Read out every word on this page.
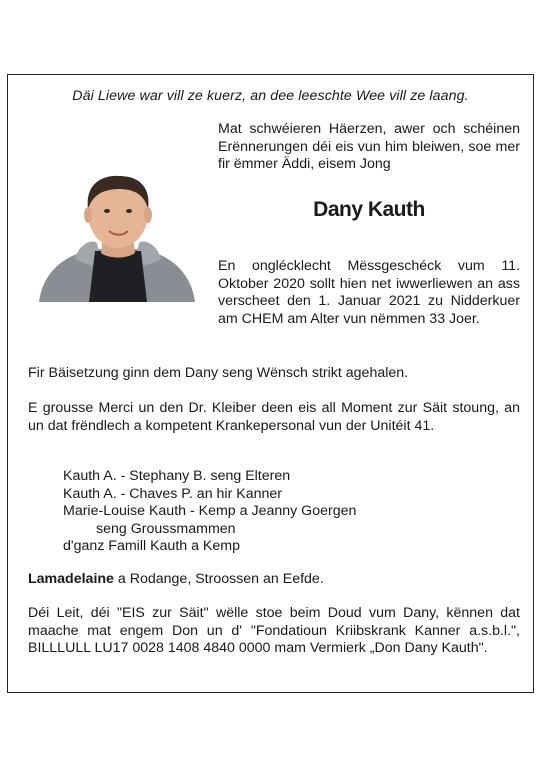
Däi Liewe war vill ze kuerz, an dee leeschte Wee vill ze laang.
Mat schwéieren Häerzen, awer och schéinen Erënnerungen déi eis vun him bleiwen, soe mer fir ëmmer Äddi, eisem Jong
Dany Kauth
En onglécklecht Mëssgeschéck vum 11. Oktober 2020 sollt hien net iwwerliewen an ass verscheet den 1. Januar 2021 zu Nidderkuer am CHEM am Alter vun nëmmen 33 Joer.
Fir Bäisetzung ginn dem Dany seng Wënsch strikt agehalen.
E grousse Merci un den Dr. Kleiber deen eis all Moment zur Säit stoung, an un dat frëndlech a kompetent Krankepersonal vun der Unitéit 41.
Kauth A. - Stephany B. seng Elteren
Kauth A. - Chaves P. an hir Kanner
Marie-Louise Kauth - Kemp a Jeanny Goergen
seng Groussmammen
d'ganz Famill Kauth a Kemp
Lamadelaine a Rodange, Stroossen an Eefde.
Déi Leit, déi "EIS zur Säit" wëlle stoe beim Doud vum Dany, kënnen dat maache mat engem Don un d' "Fondatioun Kriibskrank Kanner a.s.b.l.", BILLLULL LU17 0028 1408 4840 0000 mam Vermierk „Don Dany Kauth".
